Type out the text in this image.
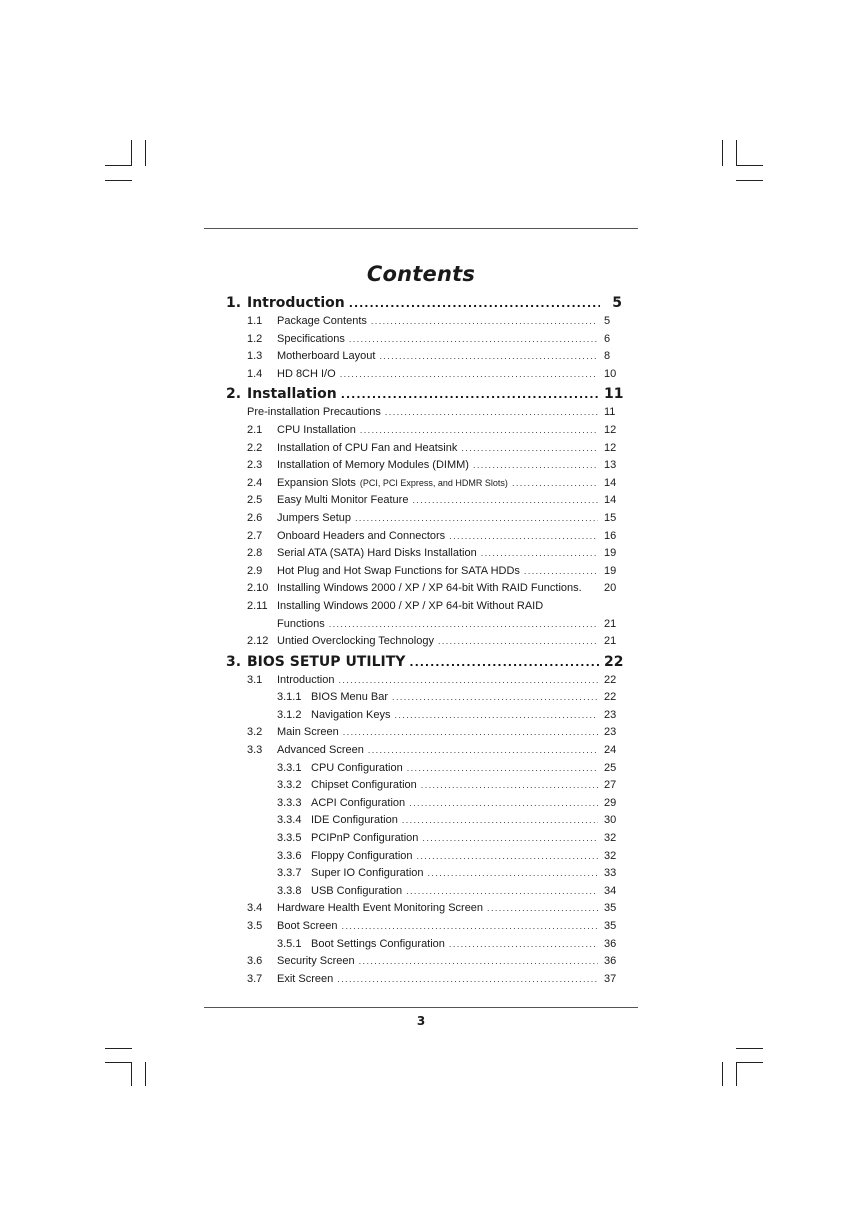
Contents
1. Introduction .....	5
1.1	Package Contents .....	5
1.2	Specifications .....	6
1.3	Motherboard Layout .....	8
1.4	HD 8CH I/O .....	10
2. Installation .....	11
Pre-installation Precautions .....	11
2.1	CPU Installation .....	12
2.2	Installation of CPU Fan and Heatsink .....	12
2.3	Installation of Memory Modules (DIMM) .....	13
2.4	Expansion Slots (PCI, PCI Express, and HDMR Slots) .....	14
2.5	Easy Multi Monitor Feature .....	14
2.6	Jumpers Setup .....	15
2.7	Onboard Headers and Connectors .....	16
2.8	Serial ATA (SATA) Hard Disks Installation .....	19
2.9	Hot Plug and Hot Swap Functions for SATA HDDs .....	19
2.10 Installing Windows 2000 / XP / XP 64-bit With RAID Functions. 20
2.11 Installing Windows 2000 / XP / XP 64-bit Without RAID
Functions .....	21
2.12 Untied Overclocking Technology .....	21
3. BIOS SETUP UTILITY .....	22
3.1	Introduction .....	22
3.1.1 BIOS Menu Bar .....	22
3.1.2 Navigation Keys .....	23
3.2	Main Screen .....	23
3.3	Advanced Screen .....	24
3.3.1 CPU Configuration .....	25
3.3.2 Chipset Configuration .....	27
3.3.3 ACPI Configuration .....	29
3.3.4 IDE Configuration .....	30
3.3.5 PCIPnP Configuration .....	32
3.3.6 Floppy Configuration .....	32
3.3.7 Super IO Configuration .....	33
3.3.8 USB Configuration .....	34
3.4	Hardware Health Event Monitoring Screen .....	35
3.5	Boot Screen .....	35
3.5.1 Boot Settings Configuration .....	36
3.6	Security Screen .....	36
3.7	Exit Screen .....	37
3
